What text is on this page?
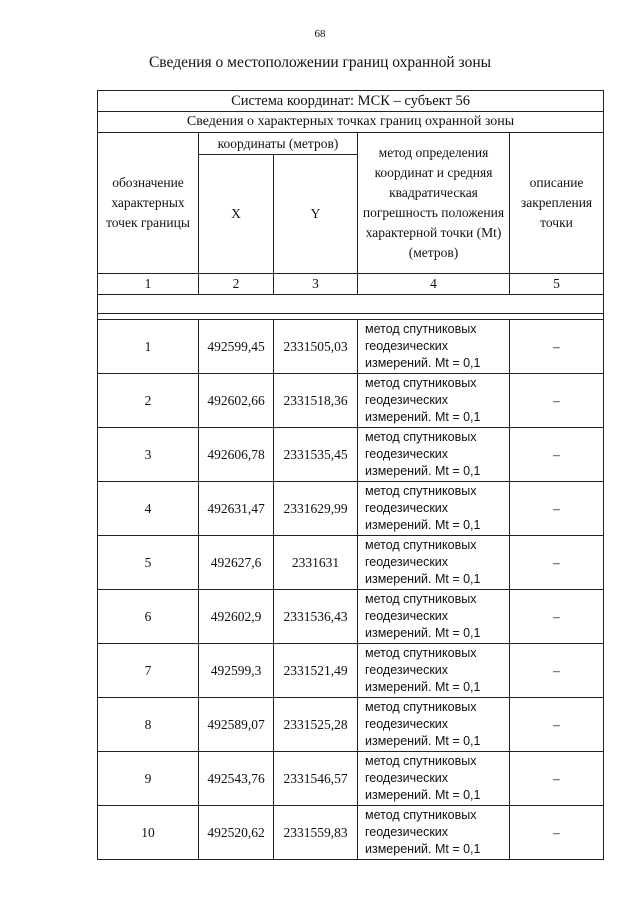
68
Сведения о местоположении границ охранной зоны
Система координат: МСК – субъект 56				
Сведения о характерных точках границ охранной зоны				
обозначение характерных точек границы	координаты (метров)		метод определения координат и средняя квадратическая погрешность положения характерной точки (Mt) (метров)	описание закрепления точки
	X	Y		
1	2	3	4	5

1	492599,45	2331505,03	метод спутниковых геодезических измерений. Mt = 0,1	–
2	492602,66	2331518,36	метод спутниковых геодезических измерений. Mt = 0,1	–
3	492606,78	2331535,45	метод спутниковых геодезических измерений. Mt = 0,1	–
4	492631,47	2331629,99	метод спутниковых геодезических измерений. Mt = 0,1	–
5	492627,6	2331631	метод спутниковых геодезических измерений. Mt = 0,1	–
6	492602,9	2331536,43	метод спутниковых геодезических измерений. Mt = 0,1	–
7	492599,3	2331521,49	метод спутниковых геодезических измерений. Mt = 0,1	–
8	492589,07	2331525,28	метод спутниковых геодезических измерений. Mt = 0,1	–
9	492543,76	2331546,57	метод спутниковых геодезических измерений. Mt = 0,1	–
10	492520,62	2331559,83	метод спутниковых геодезических измерений. Mt = 0,1	–
